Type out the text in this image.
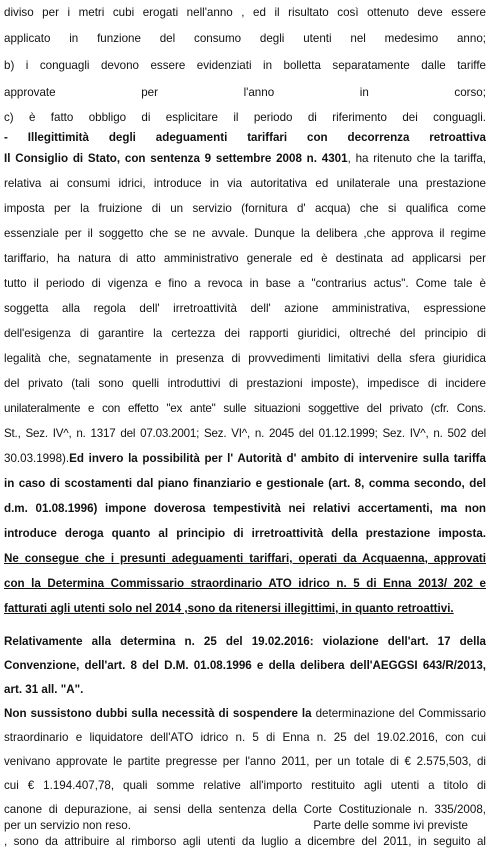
diviso per i metri cubi erogati nell'anno , ed il risultato così ottenuto deve essere
applicato in funzione del consumo degli utenti nel medesimo anno;
b) i conguagli devono essere evidenziati in bolletta separatamente dalle tariffe
approvate	per	l'anno	in	corso;
c) è fatto obbligo di esplicitare il periodo di riferimento dei conguagli.
- Illegittimità degli adeguamenti tariffari con decorrenza retroattiva
Il Consiglio di Stato, con sentenza 9 settembre 2008 n. 4301, ha ritenuto che la tariffa,
relativa ai consumi idrici, introduce in via autoritativa ed unilaterale una prestazione
imposta per la fruizione di un servizio (fornitura d' acqua) che si qualifica come
essenziale per il soggetto che se ne avvale. Dunque la delibera ,che approva il regime
tariffario, ha natura di atto amministrativo generale ed è destinata ad applicarsi per
tutto il periodo di vigenza e fino a revoca in base a "contrarius actus". Come tale è
soggetta alla regola dell' irretroattività dell' azione amministrativa, espressione
dell'esigenza di garantire la certezza dei rapporti giuridici, oltreché del principio di
legalità che, segnatamente in presenza di provvedimenti limitativi della sfera giuridica
del privato (tali sono quelli introduttivi di prestazioni imposte), impedisce di incidere
unilateralmente e con effetto "ex ante" sulle situazioni soggettive del privato (cfr. Cons.
St., Sez. IV^, n. 1317 del 07.03.2001; Sez. VI^, n. 2045 del 01.12.1999; Sez. IV^, n. 502 del
30.03.1998).Ed invero la possibilità per l' Autorità d' ambito di intervenire sulla tariffa
in caso di scostamenti dal piano finanziario e gestionale (art. 8, comma secondo, del
d.m. 01.08.1996) impone doverosa tempestività nei relativi accertamenti, ma non
introduce deroga quanto al principio di irretroattività della prestazione imposta.
Ne consegue che i presunti adeguamenti tariffari, operati da Acquaenna, approvati
con la Determina Commissario straordinario ATO idrico n. 5 di Enna 2013/ 202 e
fatturati agli utenti solo nel 2014 ,sono da ritenersi illegittimi, in quanto retroattivi.
Relativamente alla determina n. 25 del 19.02.2016: violazione dell'art. 17 della
Convenzione, dell'art. 8 del D.M. 01.08.1996 e della delibera dell'AEGGSI 643/R/2013,
art. 31 all. "A".
Non sussistono dubbi sulla necessità di sospendere la determinazione del Commissario
straordinario e liquidatore dell'ATO idrico n. 5 di Enna n. 25 del 19.02.2016, con cui
venivano approvate le partite pregresse per l'anno 2011, per un totale di € 2.575,503, di
cui € 1.194.407,78, quali somme relative all'importo restituito agli utenti a titolo di
canone di depurazione, ai sensi della sentenza della Corte Costituzionale n. 335/2008,
per un servizio non reso.	Parte delle somme ivi previste
, sono da attribuire al rimborso agli utenti da luglio a dicembre del 2011, in seguito al
